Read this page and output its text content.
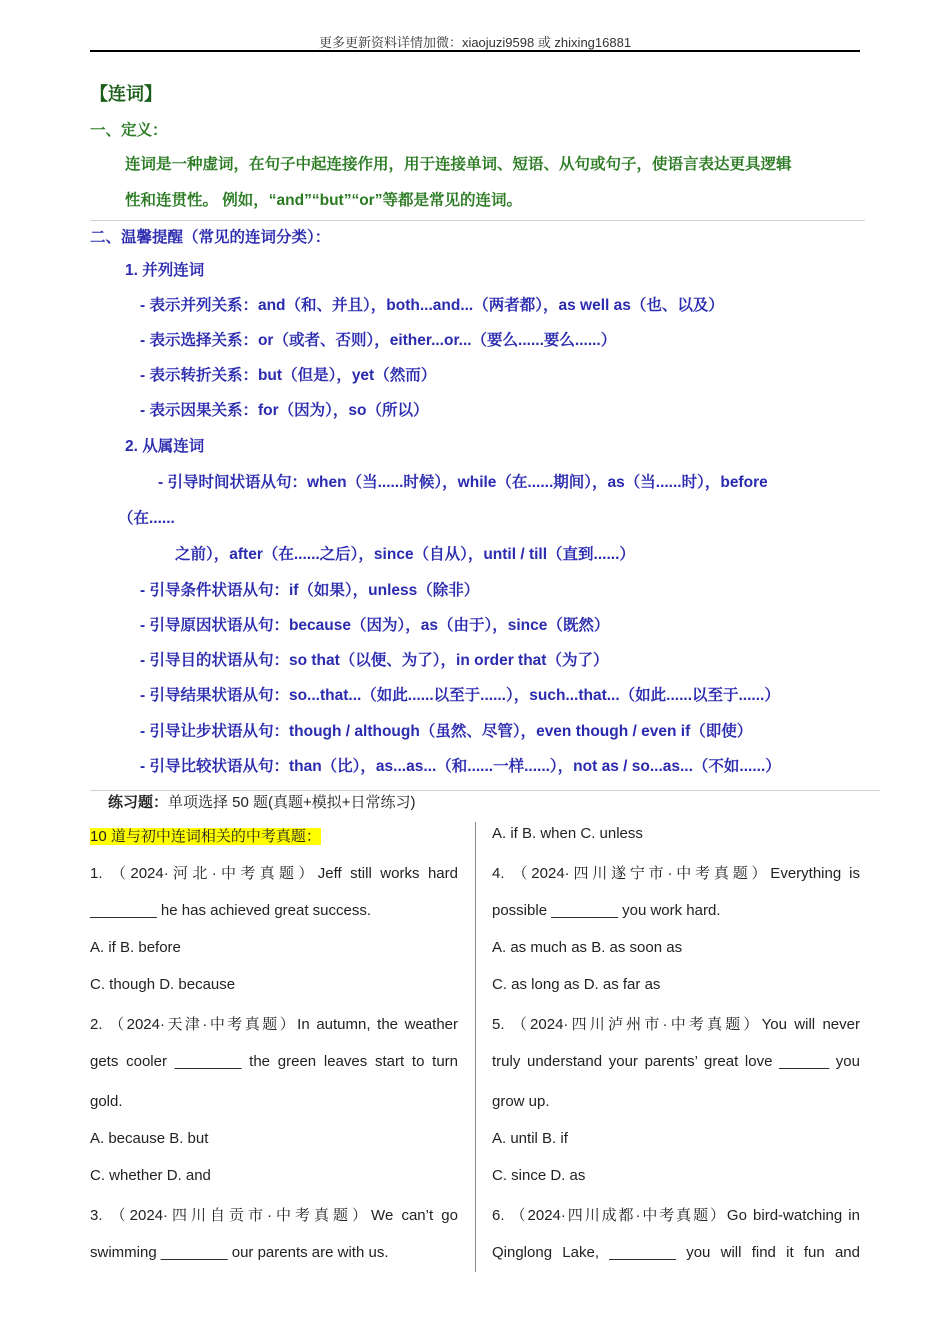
更多更新资料详情加微：xiaojuzi9598 或 zhixing16881
【连词】
一、定义：
连词是一种虚词，在句子中起连接作用，用于连接单词、短语、从句或句子，使语言表达更具逻辑
性和连贯性。 例如，“and”“but”“or”等都是常见的连词。
二、温馨提醒（常见的连词分类）：
1. 并列连词
- 表示并列关系：and（和、并且），both...and...（两者都），as well as（也、以及）
- 表示选择关系：or（或者、否则），either...or...（要么......要么......）
- 表示转折关系：but（但是），yet（然而）
- 表示因果关系：for（因为），so（所以）
2. 从属连词
- 引导时间状语从句：when（当......时候），while（在......期间），as（当......时），before
（在......
之前），after（在......之后），since（自从），until / till（直到......）
- 引导条件状语从句：if（如果），unless（除非）
- 引导原因状语从句：because（因为），as（由于），since（既然）
- 引导目的状语从句：so that（以便、为了），in order that（为了）
- 引导结果状语从句：so...that...（如此......以至于......），such...that...（如此......以至于......）
- 引导让步状语从句：though / although（虽然、尽管），even though / even if（即使）
- 引导比较状语从句：than（比），as...as...（和......一样......），not as / so...as...（不如......）
练习题：单项选择 50 题(真题+模拟+日常练习)
10 道与初中连词相关的中考真题：
1. （2024·河北·中考真题）Jeff still works hard
________ he has achieved great success.
A. if B. before
C. though D. because
2. （2024·天津·中考真题）In autumn, the weather
gets cooler ________ the green leaves start to turn
gold.
A. because B. but
C. whether D. and
3. （2024·四川自贡市·中考真题）We can’t go
swimming ________ our parents are with us.
A. if B. when C. unless
4. （2024·四川遂宁市·中考真题）Everything is
possible ________ you work hard.
A. as much as B. as soon as
C. as long as D. as far as
5. （2024·四川泸州市·中考真题）You will never
truly understand your parents’ great love ______ you
grow up.
A. until B. if
C. since D. as
6. （2024·四川成都·中考真题）Go bird-watching in
Qinglong Lake, ________ you will find it fun and
